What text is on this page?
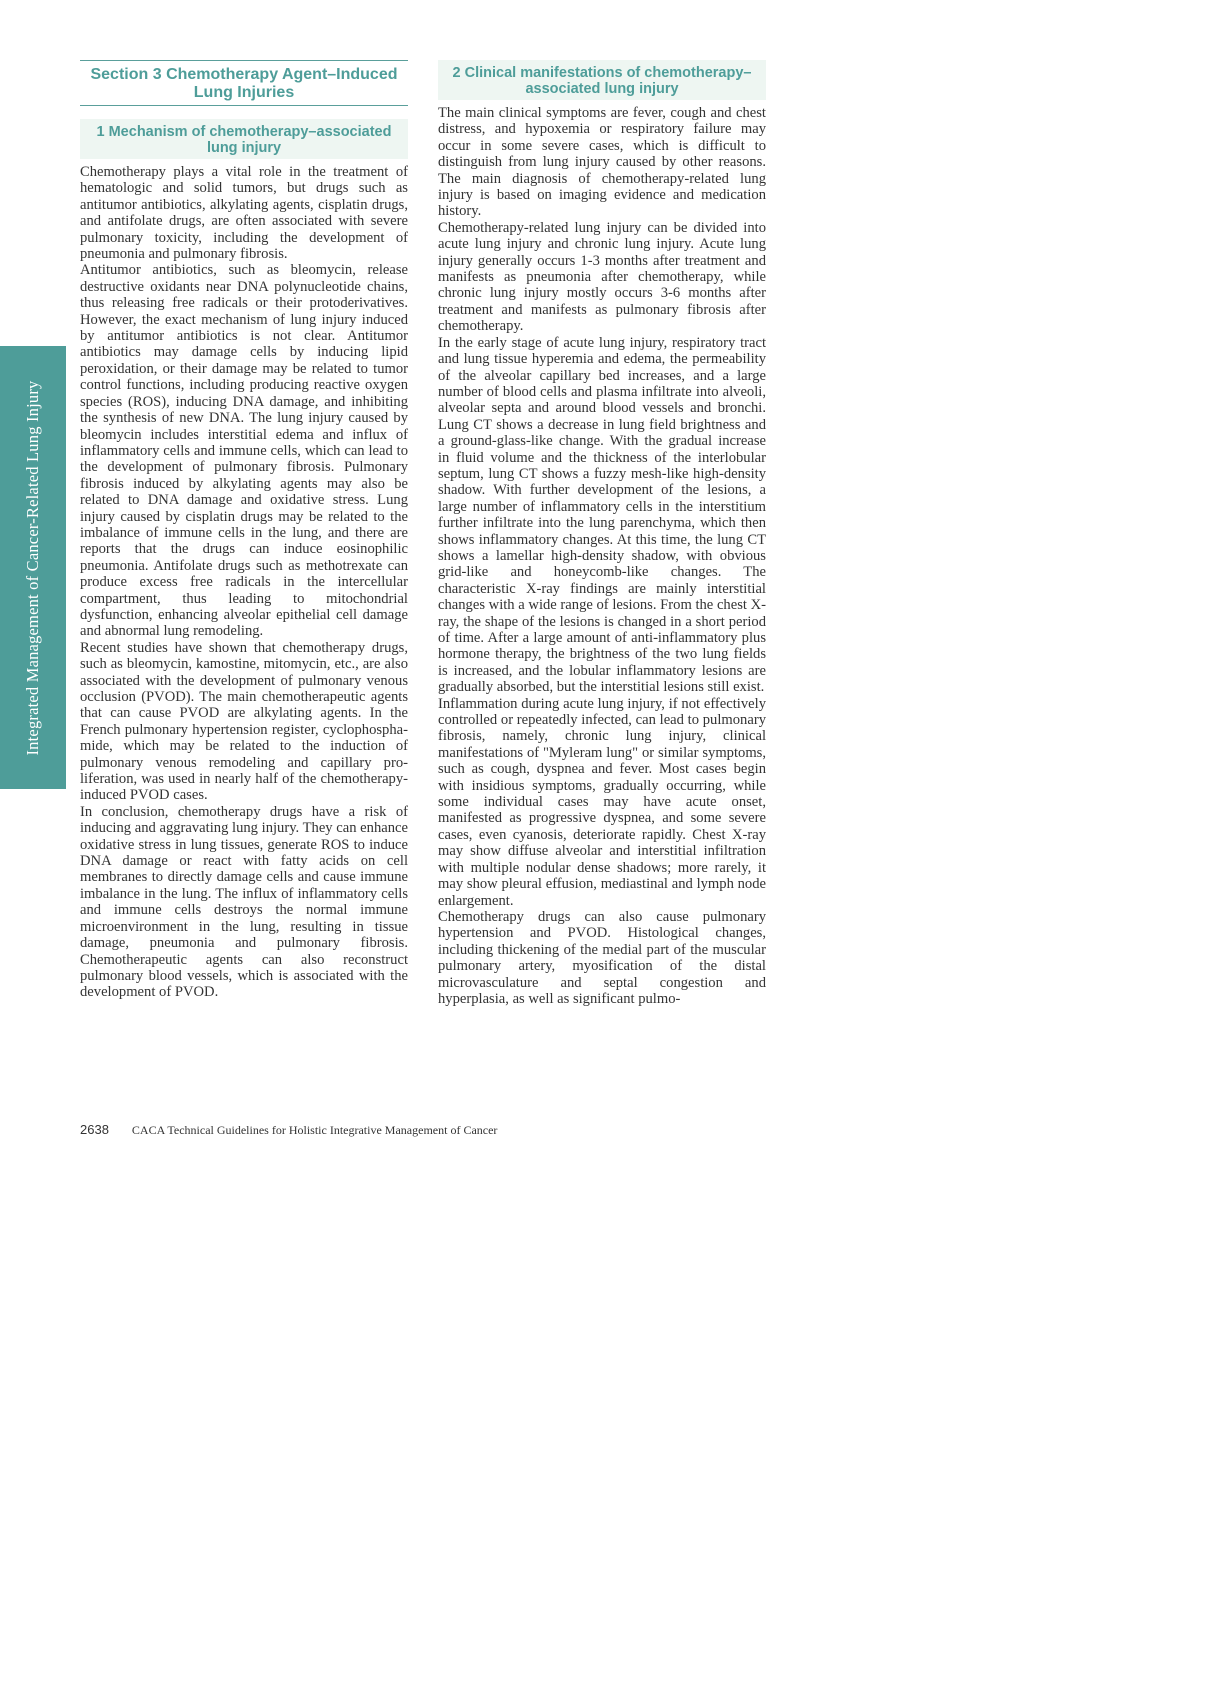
Integrated Management of Cancer-Related Lung Injury
Section 3 Chemotherapy Agent–Induced Lung Injuries
1 Mechanism of chemotherapy–associated lung injury

Chemotherapy plays a vital role in the treatment of hematologic and solid tumors, but drugs such as antitumor antibiotics, alkylating agents, cisplatin drugs, and antifolate drugs, are often associated with severe pulmonary toxicity, including the development of pneumonia and pulmonary fibrosis.

Antitumor antibiotics, such as bleomycin, release destructive oxidants near DNA polynucleotide chains, thus releasing free radicals or their protoderivatives. However, the exact mechanism of lung injury induced by antitumor antibiotics is not clear. Antitumor antibiotics may damage cells by inducing lipid peroxidation, or their damage may be related to tumor control functions, including producing reactive oxygen species (ROS), inducing DNA damage, and inhibiting the synthesis of new DNA. The lung injury caused by bleomycin includes interstitial edema and influx of inflammatory cells and immune cells, which can lead to the development of pulmonary fibrosis. Pulmonary fibrosis induced by alkylating agents may also be related to DNA damage and oxidative stress. Lung injury caused by cisplatin drugs may be related to the imbalance of immune cells in the lung, and there are reports that the drugs can induce eosinophilic pneumonia. Antifolate drugs such as methotrexate can produce excess free radicals in the intercellular compartment, thus leading to mitochondrial dysfunction, enhancing alveolar epithelial cell damage and abnormal lung remodeling.

Recent studies have shown that chemotherapy drugs, such as bleomycin, kamostine, mitomycin, etc., are also associated with the development of pulmonary venous occlusion (PVOD). The main chemotherapeutic agents that can cause PVOD are alkylating agents. In the French pulmonary hypertension register, cyclophosphamide, which may be related to the induction of pulmonary venous remodeling and capillary proliferation, was used in nearly half of the chemotherapy-induced PVOD cases.

In conclusion, chemotherapy drugs have a risk of inducing and aggravating lung injury. They can enhance oxidative stress in lung tissues, generate ROS to induce DNA damage or react with fatty acids on cell membranes to directly damage cells and cause immune imbalance in the lung. The influx of inflammatory cells and immune cells destroys the normal immune microenvironment in the lung, resulting in tissue damage, pneumonia and pulmonary fibrosis. Chemotherapeutic agents can also reconstruct pulmonary blood vessels, which is associated with the development of PVOD.

2 Clinical manifestations of chemotherapy–associated lung injury

The main clinical symptoms are fever, cough and chest distress, and hypoxemia or respiratory failure may occur in some severe cases, which is difficult to distinguish from lung injury caused by other reasons. The main diagnosis of chemotherapy-related lung injury is based on imaging evidence and medication history.

Chemotherapy-related lung injury can be divided into acute lung injury and chronic lung injury. Acute lung injury generally occurs 1-3 months after treatment and manifests as pneumonia after chemotherapy, while chronic lung injury mostly occurs 3-6 months after treatment and manifests as pulmonary fibrosis after chemotherapy.

In the early stage of acute lung injury, respiratory tract and lung tissue hyperemia and edema, the permeability of the alveolar capillary bed increases, and a large number of blood cells and plasma infiltrate into alveoli, alveolar septa and around blood vessels and bronchi. Lung CT shows a decrease in lung field brightness and a ground-glass-like change. With the gradual increase in fluid volume and the thickness of the interlobular septum, lung CT shows a fuzzy mesh-like high-density shadow. With further development of the lesions, a large number of inflammatory cells in the interstitium further infiltrate into the lung parenchyma, which then shows inflammatory changes. At this time, the lung CT shows a lamellar high-density shadow, with obvious grid-like and honeycomb-like changes. The characteristic X-ray findings are mainly interstitial changes with a wide range of lesions. From the chest X-ray, the shape of the lesions is changed in a short period of time. After a large amount of anti-inflammatory plus hormone therapy, the brightness of the two lung fields is increased, and the lobular inflammatory lesions are gradually absorbed, but the interstitial lesions still exist.

Inflammation during acute lung injury, if not effectively controlled or repeatedly infected, can lead to pulmonary fibrosis, namely, chronic lung injury, clinical manifestations of "Myleram lung" or similar symptoms, such as cough, dyspnea and fever. Most cases begin with insidious symptoms, gradually occurring, while some individual cases may have acute onset, manifested as progressive dyspnea, and some severe cases, even cyanosis, deteriorate rapidly. Chest X-ray may show diffuse alveolar and interstitial infiltration with multiple nodular dense shadows; more rarely, it may show pleural effusion, mediastinal and lymph node enlargement.

Chemotherapy drugs can also cause pulmonary hypertension and PVOD. Histological changes, including thickening of the medial part of the muscular pulmonary artery, myosification of the distal microvasculature and septal congestion and hyperplasia, as well as significant pulmo-

2638 CACA Technical Guidelines for Holistic Integrative Management of Cancer
